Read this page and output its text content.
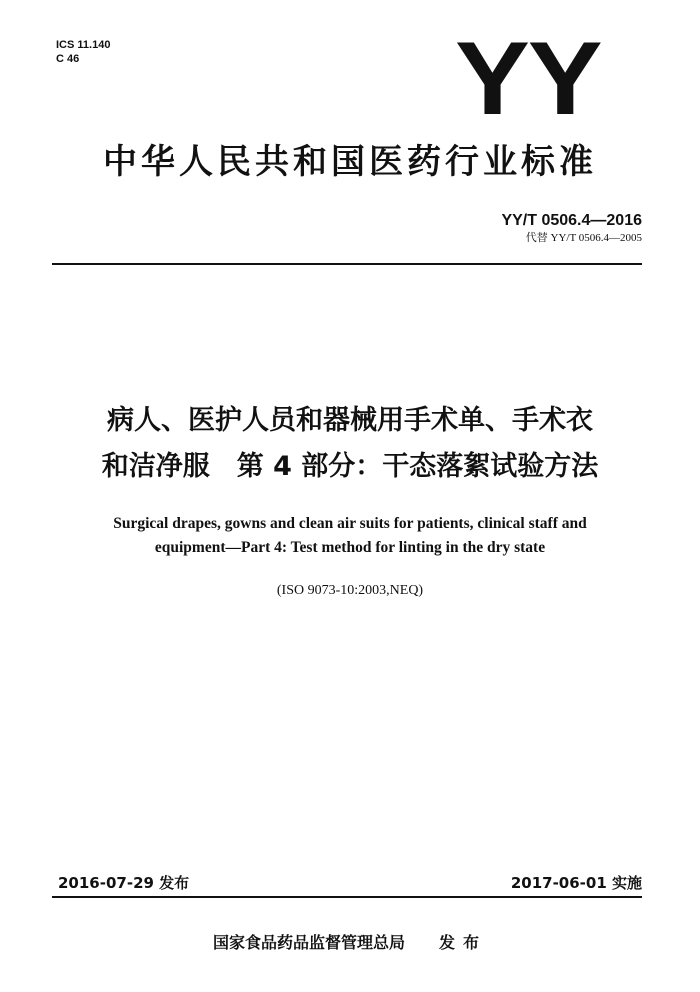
ICS 11.140
C 46	YY
中华人民共和国医药行业标准
YY/T 0506.4—2016
代替 YY/T 0506.4—2005
病人、医护人员和器械用手术单、手术衣
和洁净服　第 4 部分：干态落絮试验方法
Surgical drapes, gowns and clean air suits for patients, clinical staff and
equipment—Part 4: Test method for linting in the dry state
(ISO 9073-10:2003,NEQ)
2016-07-29 发布	2017-06-01 实施
国家食品药品监督管理总局 发布
